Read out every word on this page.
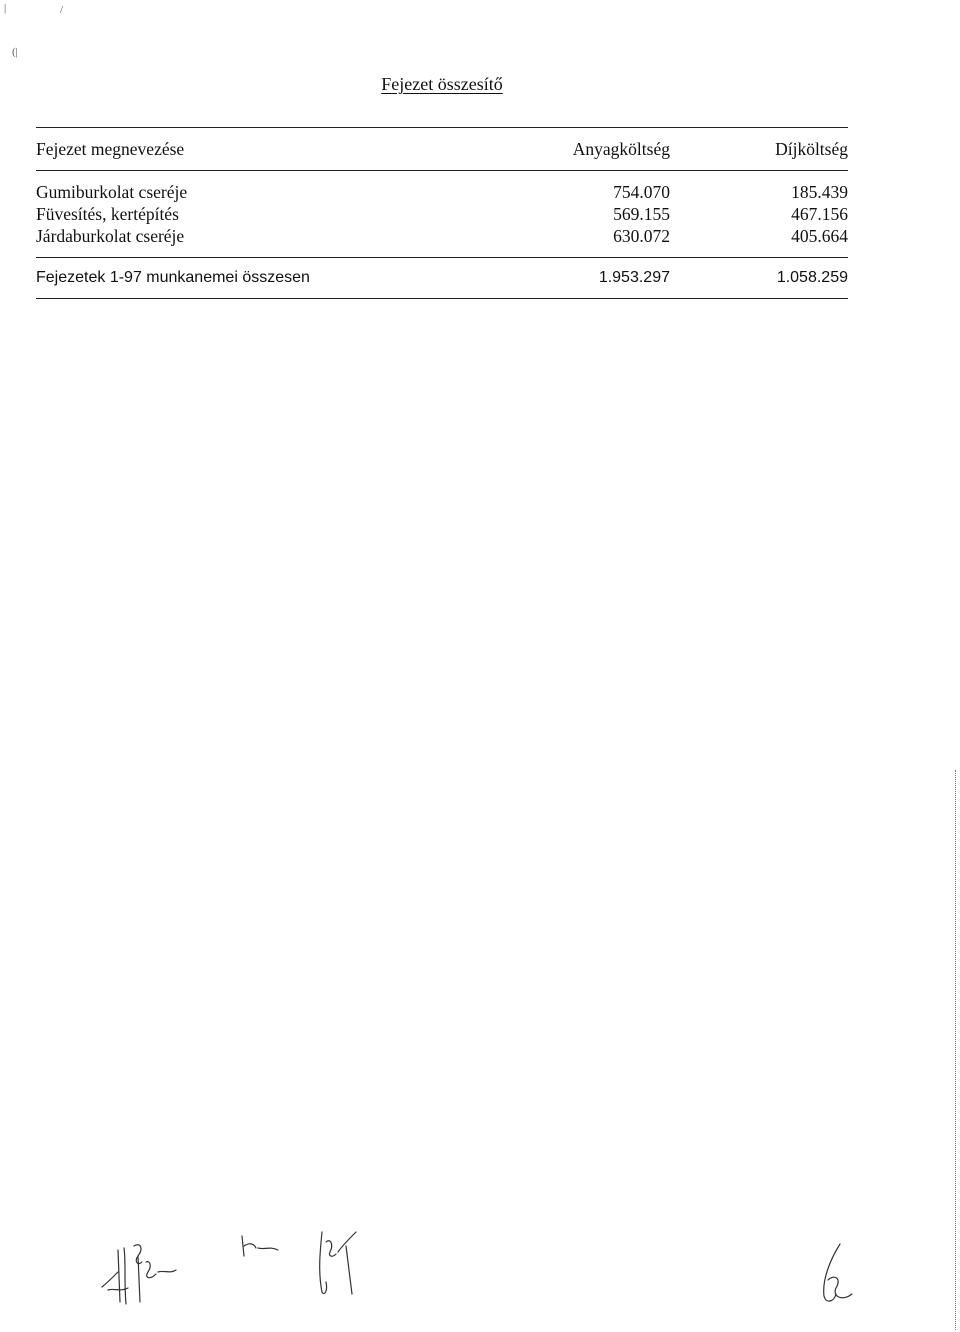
|	/
(|
Fejezet összesítő
Fejezet megnevezése	Anyagköltség	Díjköltség
Gumiburkolat cseréje	754.070	185.439
Füvesítés, kertépítés	569.155	467.156
Járdaburkolat cseréje	630.072	405.664
Fejezetek 1-97 munkanemei összesen	1.953.297	1.058.259
